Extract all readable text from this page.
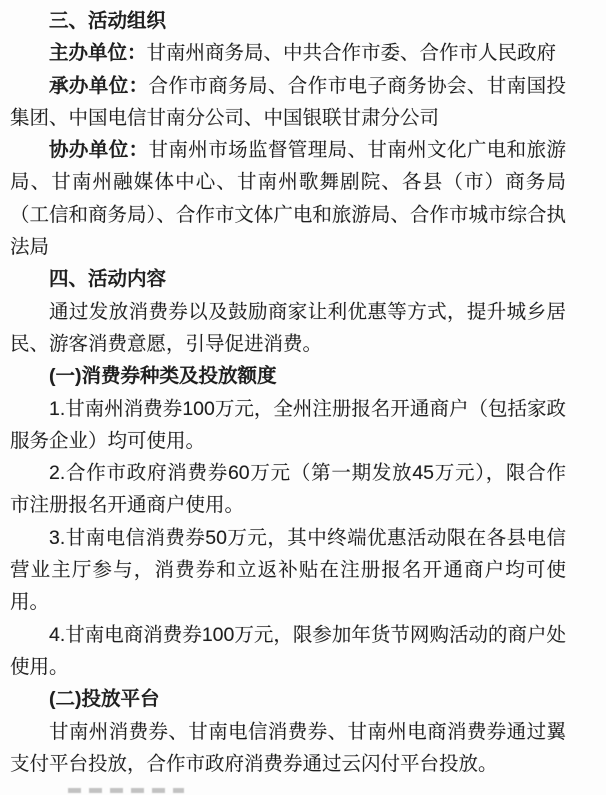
三、活动组织

主办单位：甘南州商务局、中共合作市委、合作市人民政府

承办单位：合作市商务局、合作市电子商务协会、甘南国投集团、中国电信甘南分公司、中国银联甘肃分公司

协办单位：甘南州市场监督管理局、甘南州文化广电和旅游局、甘南州融媒体中心、甘南州歌舞剧院、各县（市）商务局（工信和商务局）、合作市文体广电和旅游局、合作市城市综合执法局

四、活动内容

通过发放消费券以及鼓励商家让利优惠等方式，提升城乡居民、游客消费意愿，引导促进消费。

(一)消费券种类及投放额度

1.甘南州消费券100万元，全州注册报名开通商户（包括家政服务企业）均可使用。

2.合作市政府消费券60万元（第一期发放45万元），限合作市注册报名开通商户使用。

3.甘南电信消费券50万元，其中终端优惠活动限在各县电信营业主厅参与，消费券和立返补贴在注册报名开通商户均可使用。

4.甘南电商消费券100万元，限参加年货节网购活动的商户处使用。

(二)投放平台

甘南州消费券、甘南电信消费券、甘南州电商消费券通过翼支付平台投放，合作市政府消费券通过云闪付平台投放。
